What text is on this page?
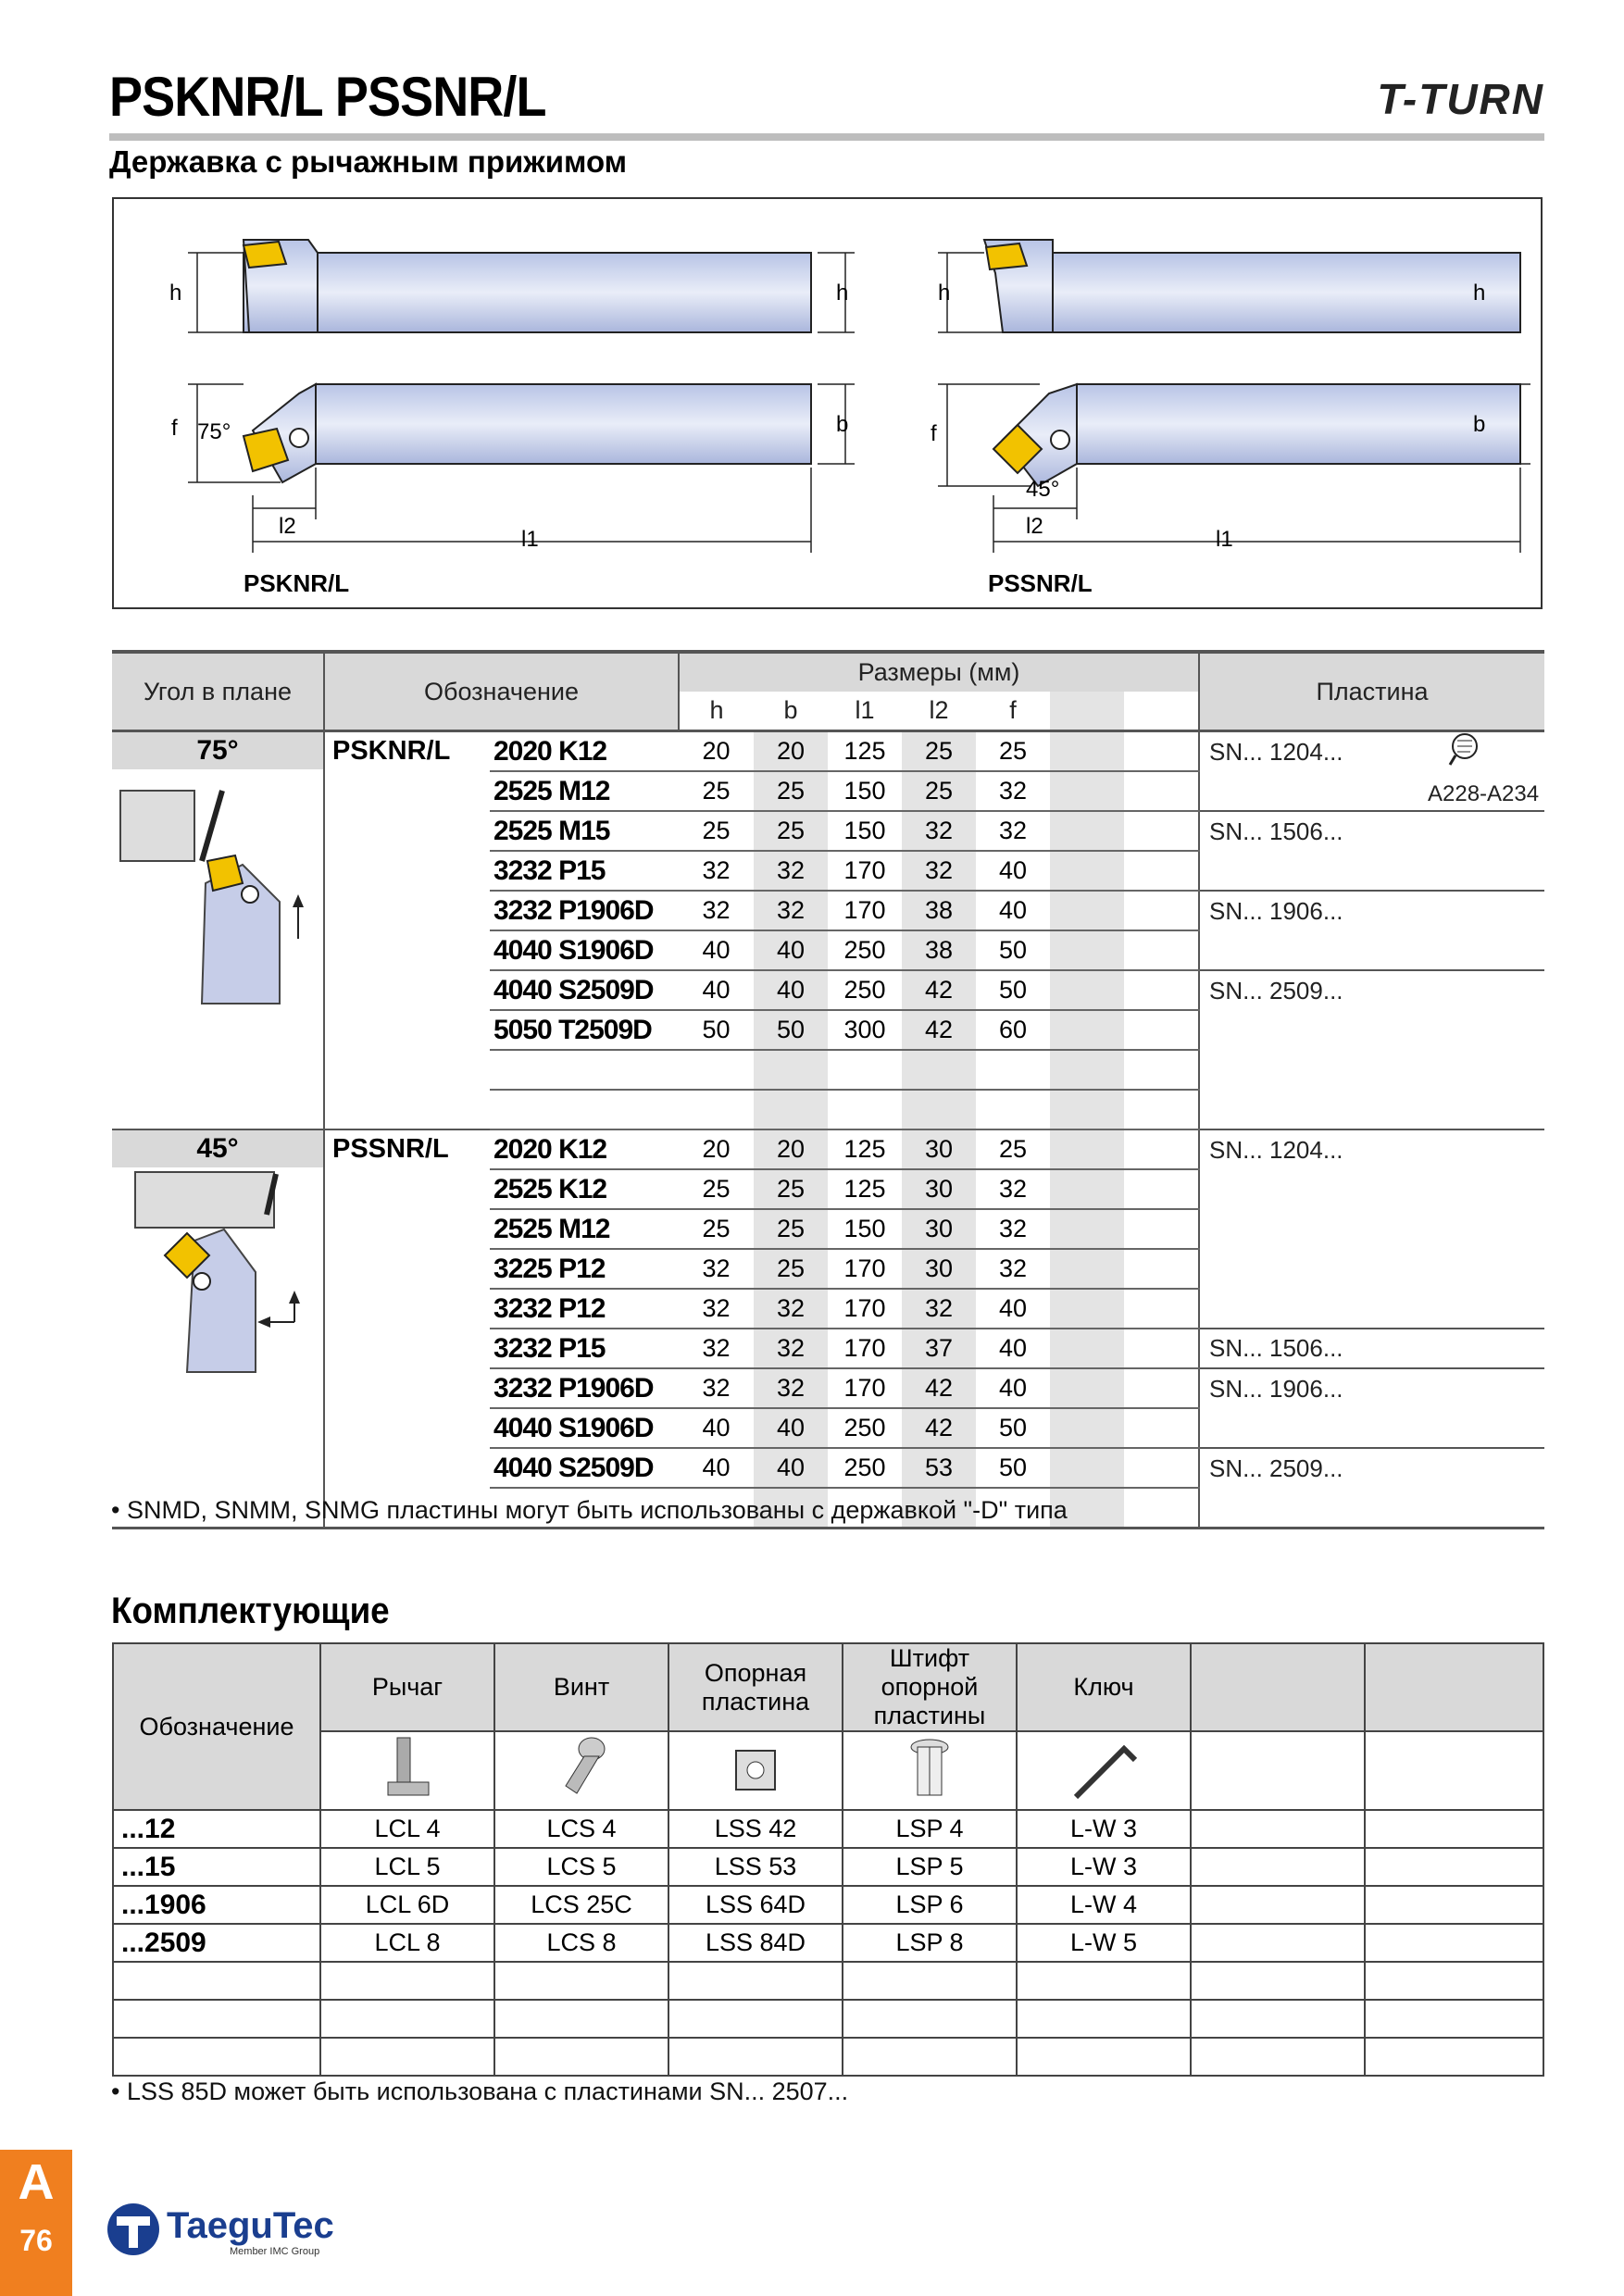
PSKNR/L PSSNR/L	T-TURN
Державка с рычажным прижимом
h	h
f 75°	b
l2
l1
PSKNR/L
h	h
f	b
45°
l2
l1
PSSNR/L
Угол в плане	Обозначение		Размеры (мм)							Пластина	
			h	b	l1	l2	f				

75°	PSKNR/L	2020 K12	20	20	125	25	25			SN... 1204...	
		2525 M12	25	25	150	25	32				
		2525 M15	25	25	150	32	32			SN... 1506...	
		3232 P15	32	32	170	32	40				
		3232 P1906D	32	32	170	38	40			SN... 1906...	
		4040 S1906D	40	40	250	38	50				
		4040 S2509D	40	40	250	42	50			SN... 2509...	
		5050 T2509D	50	50	300	42	60				

45°	PSSNR/L	2020 K12	20	20	125	30	25			SN... 1204...	
		2525 K12	25	25	125	30	32				
		2525 M12	25	25	150	30	32				
		3225 P12	32	25	170	30	32				
		3232 P12	32	32	170	32	40				
		3232 P15	32	32	170	37	40			SN... 1506...	
		3232 P1906D	32	32	170	42	40			SN... 1906...	
		4040 S1906D	40	40	250	42	50				
		4040 S2509D	40	40	250	53	50			SN... 2509...	

A228-A234
• SNMD, SNMM, SNMG пластины могут быть использованы с державкой "-D" типа
Комплектующие
Обозначение	Рычаг	Винт	Опорная пластина	Штифт опорной пластины	Ключ		

...12	LCL 4	LCS 4	LSS 42	LSP 4	L-W 3		
...15	LCL 5	LCS 5	LSS 53	LSP 5	L-W 3		
...1906	LCL 6D	LCS 25C	LSS 64D	LSP 6	L-W 4		
...2509	LCL 8	LCS 8	LSS 84D	LSP 8	L-W 5		

• LSS 85D может быть использована с пластинами SN... 2507...
A
76	TaeguTec
Member IMC Group
